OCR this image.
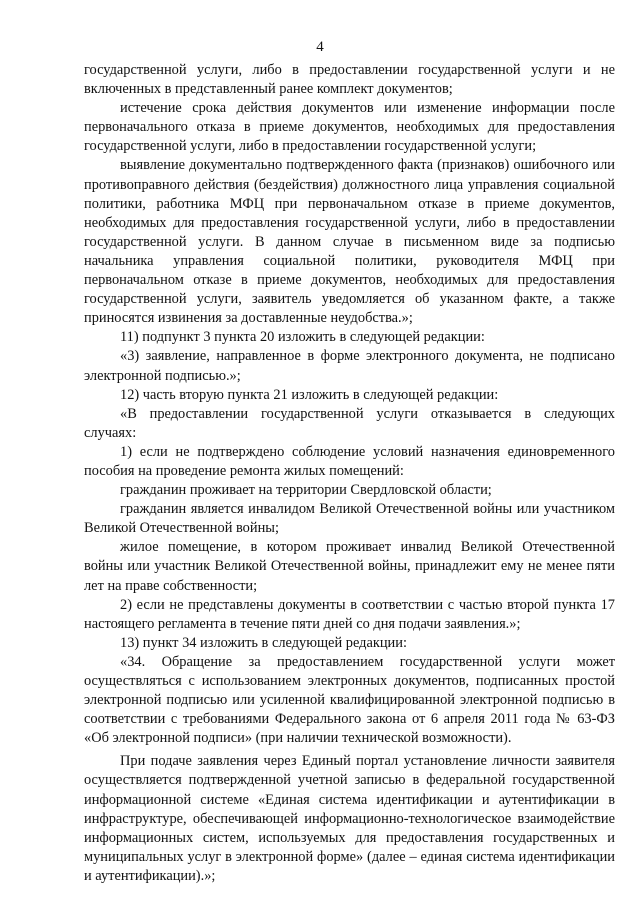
4

государственной услуги, либо в предоставлении государственной услуги и не включенных в представленный ранее комплект документов;

истечение срока действия документов или изменение информации после первоначального отказа в приеме документов, необходимых для предоставления государственной услуги, либо в предоставлении государственной услуги;

выявление документально подтвержденного факта (признаков) ошибочного или противоправного действия (бездействия) должностного лица управления социальной политики, работника МФЦ при первоначальном отказе в приеме документов, необходимых для предоставления государственной услуги, либо в предоставлении государственной услуги. В данном случае в письменном виде за подписью начальника управления социальной политики, руководителя МФЦ при первоначальном отказе в приеме документов, необходимых для предоставления государственной услуги, заявитель уведомляется об указанном факте, а также приносятся извинения за доставленные неудобства.»;

11) подпункт 3 пункта 20 изложить в следующей редакции:

«3) заявление, направленное в форме электронного документа, не подписано электронной подписью.»;

12) часть вторую пункта 21 изложить в следующей редакции:

«В предоставлении государственной услуги отказывается в следующих случаях:

1) если не подтверждено соблюдение условий назначения единовременного пособия на проведение ремонта жилых помещений:

гражданин проживает на территории Свердловской области;

гражданин является инвалидом Великой Отечественной войны или участником Великой Отечественной войны;

жилое помещение, в котором проживает инвалид Великой Отечественной войны или участник Великой Отечественной войны, принадлежит ему не менее пяти лет на праве собственности;

2) если не представлены документы в соответствии с частью второй пункта 17 настоящего регламента в течение пяти дней со дня подачи заявления.»;

13) пункт 34 изложить в следующей редакции:

«34. Обращение за предоставлением государственной услуги может осуществляться с использованием электронных документов, подписанных простой электронной подписью или усиленной квалифицированной электронной подписью в соответствии с требованиями Федерального закона от 6 апреля 2011 года № 63-ФЗ «Об электронной подписи» (при наличии технической возможности).

При подаче заявления через Единый портал установление личности заявителя осуществляется подтвержденной учетной записью в федеральной государственной информационной системе «Единая система идентификации и аутентификации в инфраструктуре, обеспечивающей информационно-технологическое взаимодействие информационных систем, используемых для предоставления государственных и муниципальных услуг в электронной форме» (далее – единая система идентификации и аутентификации).»;
